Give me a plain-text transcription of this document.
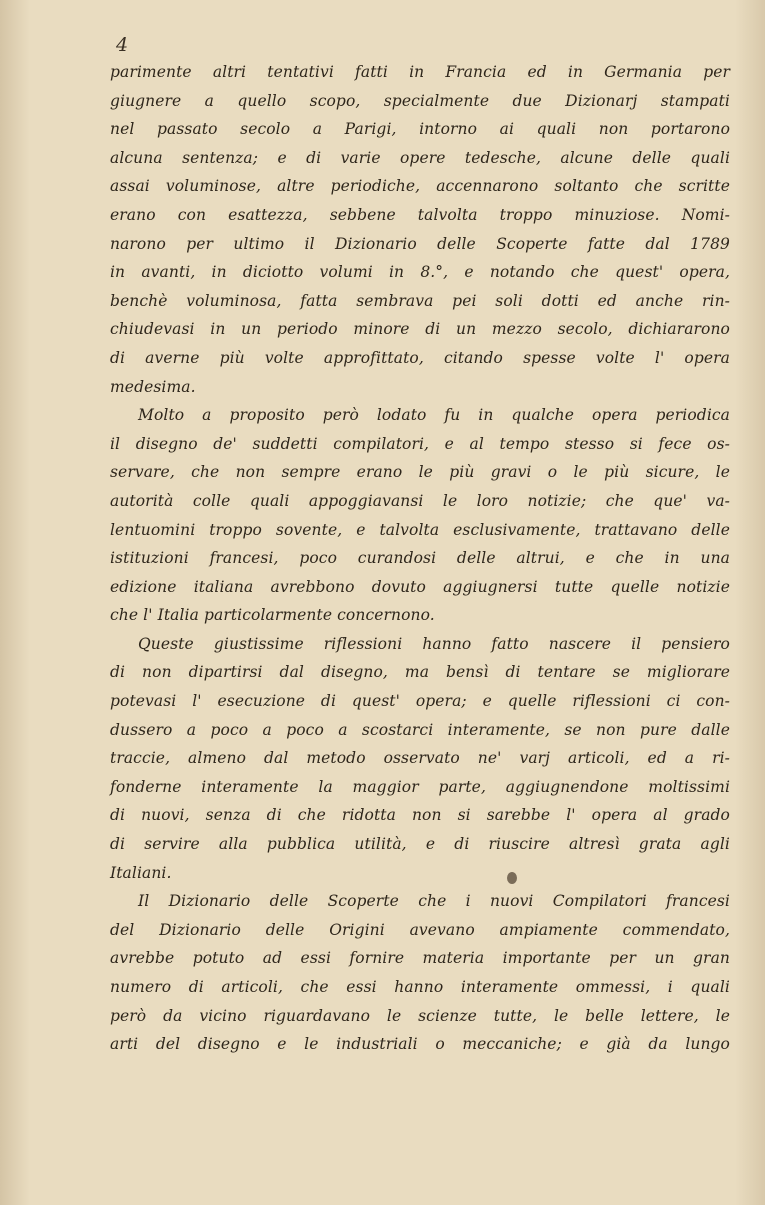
4
parimente altri tentativi fatti in Francia ed in Germania per
giugnere a quello scopo, specialmente due Dizionarj stampati
nel passato secolo a Parigi, intorno ai quali non portarono
alcuna sentenza; e di varie opere tedesche, alcune delle quali
assai voluminose, altre periodiche, accennarono soltanto che scritte
erano con esattezza, sebbene talvolta troppo minuziose. Nomi-
narono per ultimo il Dizionario delle Scoperte fatte dal 1789
in avanti, in diciotto volumi in 8.°, e notando che quest' opera,
benchè voluminosa, fatta sembrava pei soli dotti ed anche rin-
chiudevasi in un periodo minore di un mezzo secolo, dichiararono
di averne più volte approfittato, citando spesse volte l' opera
medesima.
Molto a proposito però lodato fu in qualche opera periodica
il disegno de' suddetti compilatori, e al tempo stesso si fece os-
servare, che non sempre erano le più gravi o le più sicure, le
autorità colle quali appoggiavansi le loro notizie; che que' va-
lentuomini troppo sovente, e talvolta esclusivamente, trattavano delle
istituzioni francesi, poco curandosi delle altrui, e che in una
edizione italiana avrebbono dovuto aggiugnersi tutte quelle notizie
che l' Italia particolarmente concernono.
Queste giustissime riflessioni hanno fatto nascere il pensiero
di non dipartirsi dal disegno, ma bensì di tentare se migliorare
potevasi l' esecuzione di quest' opera; e quelle riflessioni ci con-
dussero a poco a poco a scostarci interamente, se non pure dalle
traccie, almeno dal metodo osservato ne' varj articoli, ed a ri-
fonderne interamente la maggior parte, aggiugnendone moltissimi
di nuovi, senza di che ridotta non si sarebbe l' opera al grado
di servire alla pubblica utilità, e di riuscire altresì grata agli
Italiani.
Il Dizionario delle Scoperte che i nuovi Compilatori francesi
del Dizionario delle Origini avevano ampiamente commendato,
avrebbe potuto ad essi fornire materia importante per un gran
numero di articoli, che essi hanno interamente ommessi, i quali
però da vicino riguardavano le scienze tutte, le belle lettere, le
arti del disegno e le industriali o meccaniche; e già da lungo
